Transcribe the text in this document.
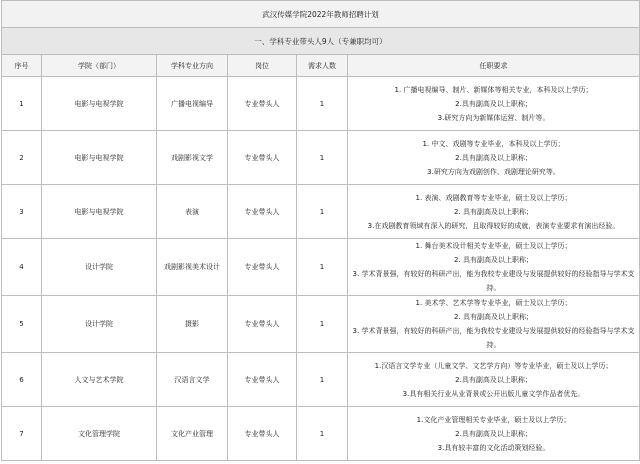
武汉传媒学院2022年教师招聘计划					
一、学科专业带头人9人（专兼职均可）					
序号	学院（部门）	学科专业方向	岗位	需求人数	任职要求
1	电影与电视学院	广播电视编导	专业带头人	1	1. 广播电视编导、制片、新媒体等相关专业，本科及以上学历；
2.具有副高及以上职称；
3.研究方向为新媒体运营、制片等。

2	电影与电视学院	戏剧影视文学	专业带头人	1	1. 中文、戏剧等专业毕业，本科及以上学历；
2.具有副高及以上职称；
3.研究方向为戏剧创作、戏剧理论研究等。

3	电影与电视学院	表演	专业带头人	1	1. 表演、戏剧教育等专业毕业，硕士及以上学历；
2. 具有副高及以上职称；
3.在戏剧教育领域有深入的研究，且取得较好的成就，表演专业要求有演出经验。

4	设计学院	戏剧影视美术设计	专业带头人	1	1. 舞台美术设计相关专业毕业，硕士及以上学历；
2. 具有副高及以上职称；
3. 学术背景强，有较好的科研产出，能为我校专业建设与发展提供较好的经验指导与学术支持。

5	设计学院	摄影	专业带头人	1	1. 美术学、艺术学等专业毕业，硕士及以上学历；
2. 具有副高及以上职称；
3. 学术背景强，有较好的科研产出，能为我校专业建设与发展提供较好的经验指导与学术支持。

6	人文与艺术学院	汉语言文学	专业带头人	1	1.汉语言文学专业（儿童文学、文艺学方向）等专业毕业，硕士及以上学历；
2.具有副高及以上职称；
3.具有相关行业从业背景或公开出版儿童文学作品者优先。

7	文化管理学院	文化产业管理	专业带头人	1	1.文化产业管理相关专业毕业，硕士及以上学历；
2.具有副高及以上职称；
3.具有较丰富的文化活动策划经验。
